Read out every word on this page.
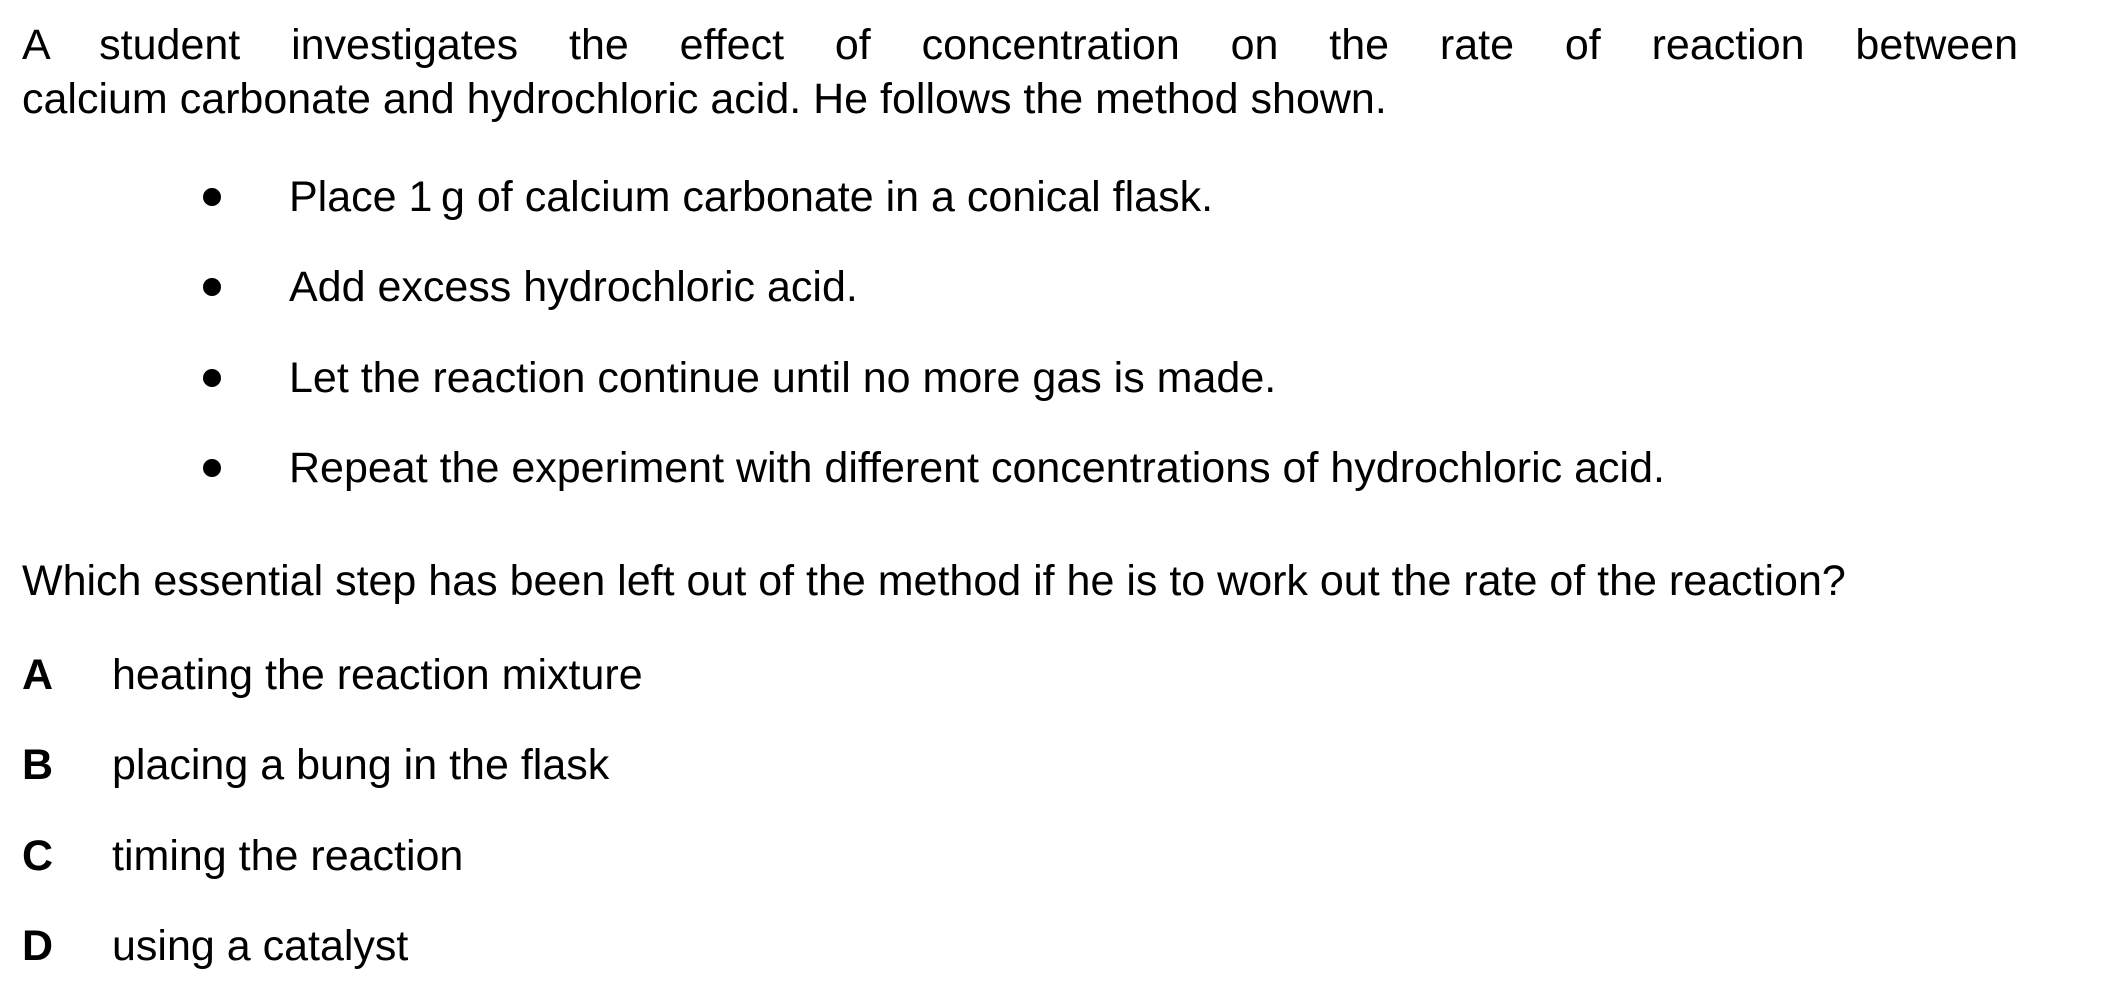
A student investigates the effect of concentration on the rate of reaction between
calcium carbonate and hydrochloric acid. He follows the method shown.
Place 1 g of calcium carbonate in a conical flask.
Add excess hydrochloric acid.
Let the reaction continue until no more gas is made.
Repeat the experiment with different concentrations of hydrochloric acid.
Which essential step has been left out of the method if he is to work out the rate of the reaction?
A heating the reaction mixture
B placing a bung in the flask
C timing the reaction
D using a catalyst
